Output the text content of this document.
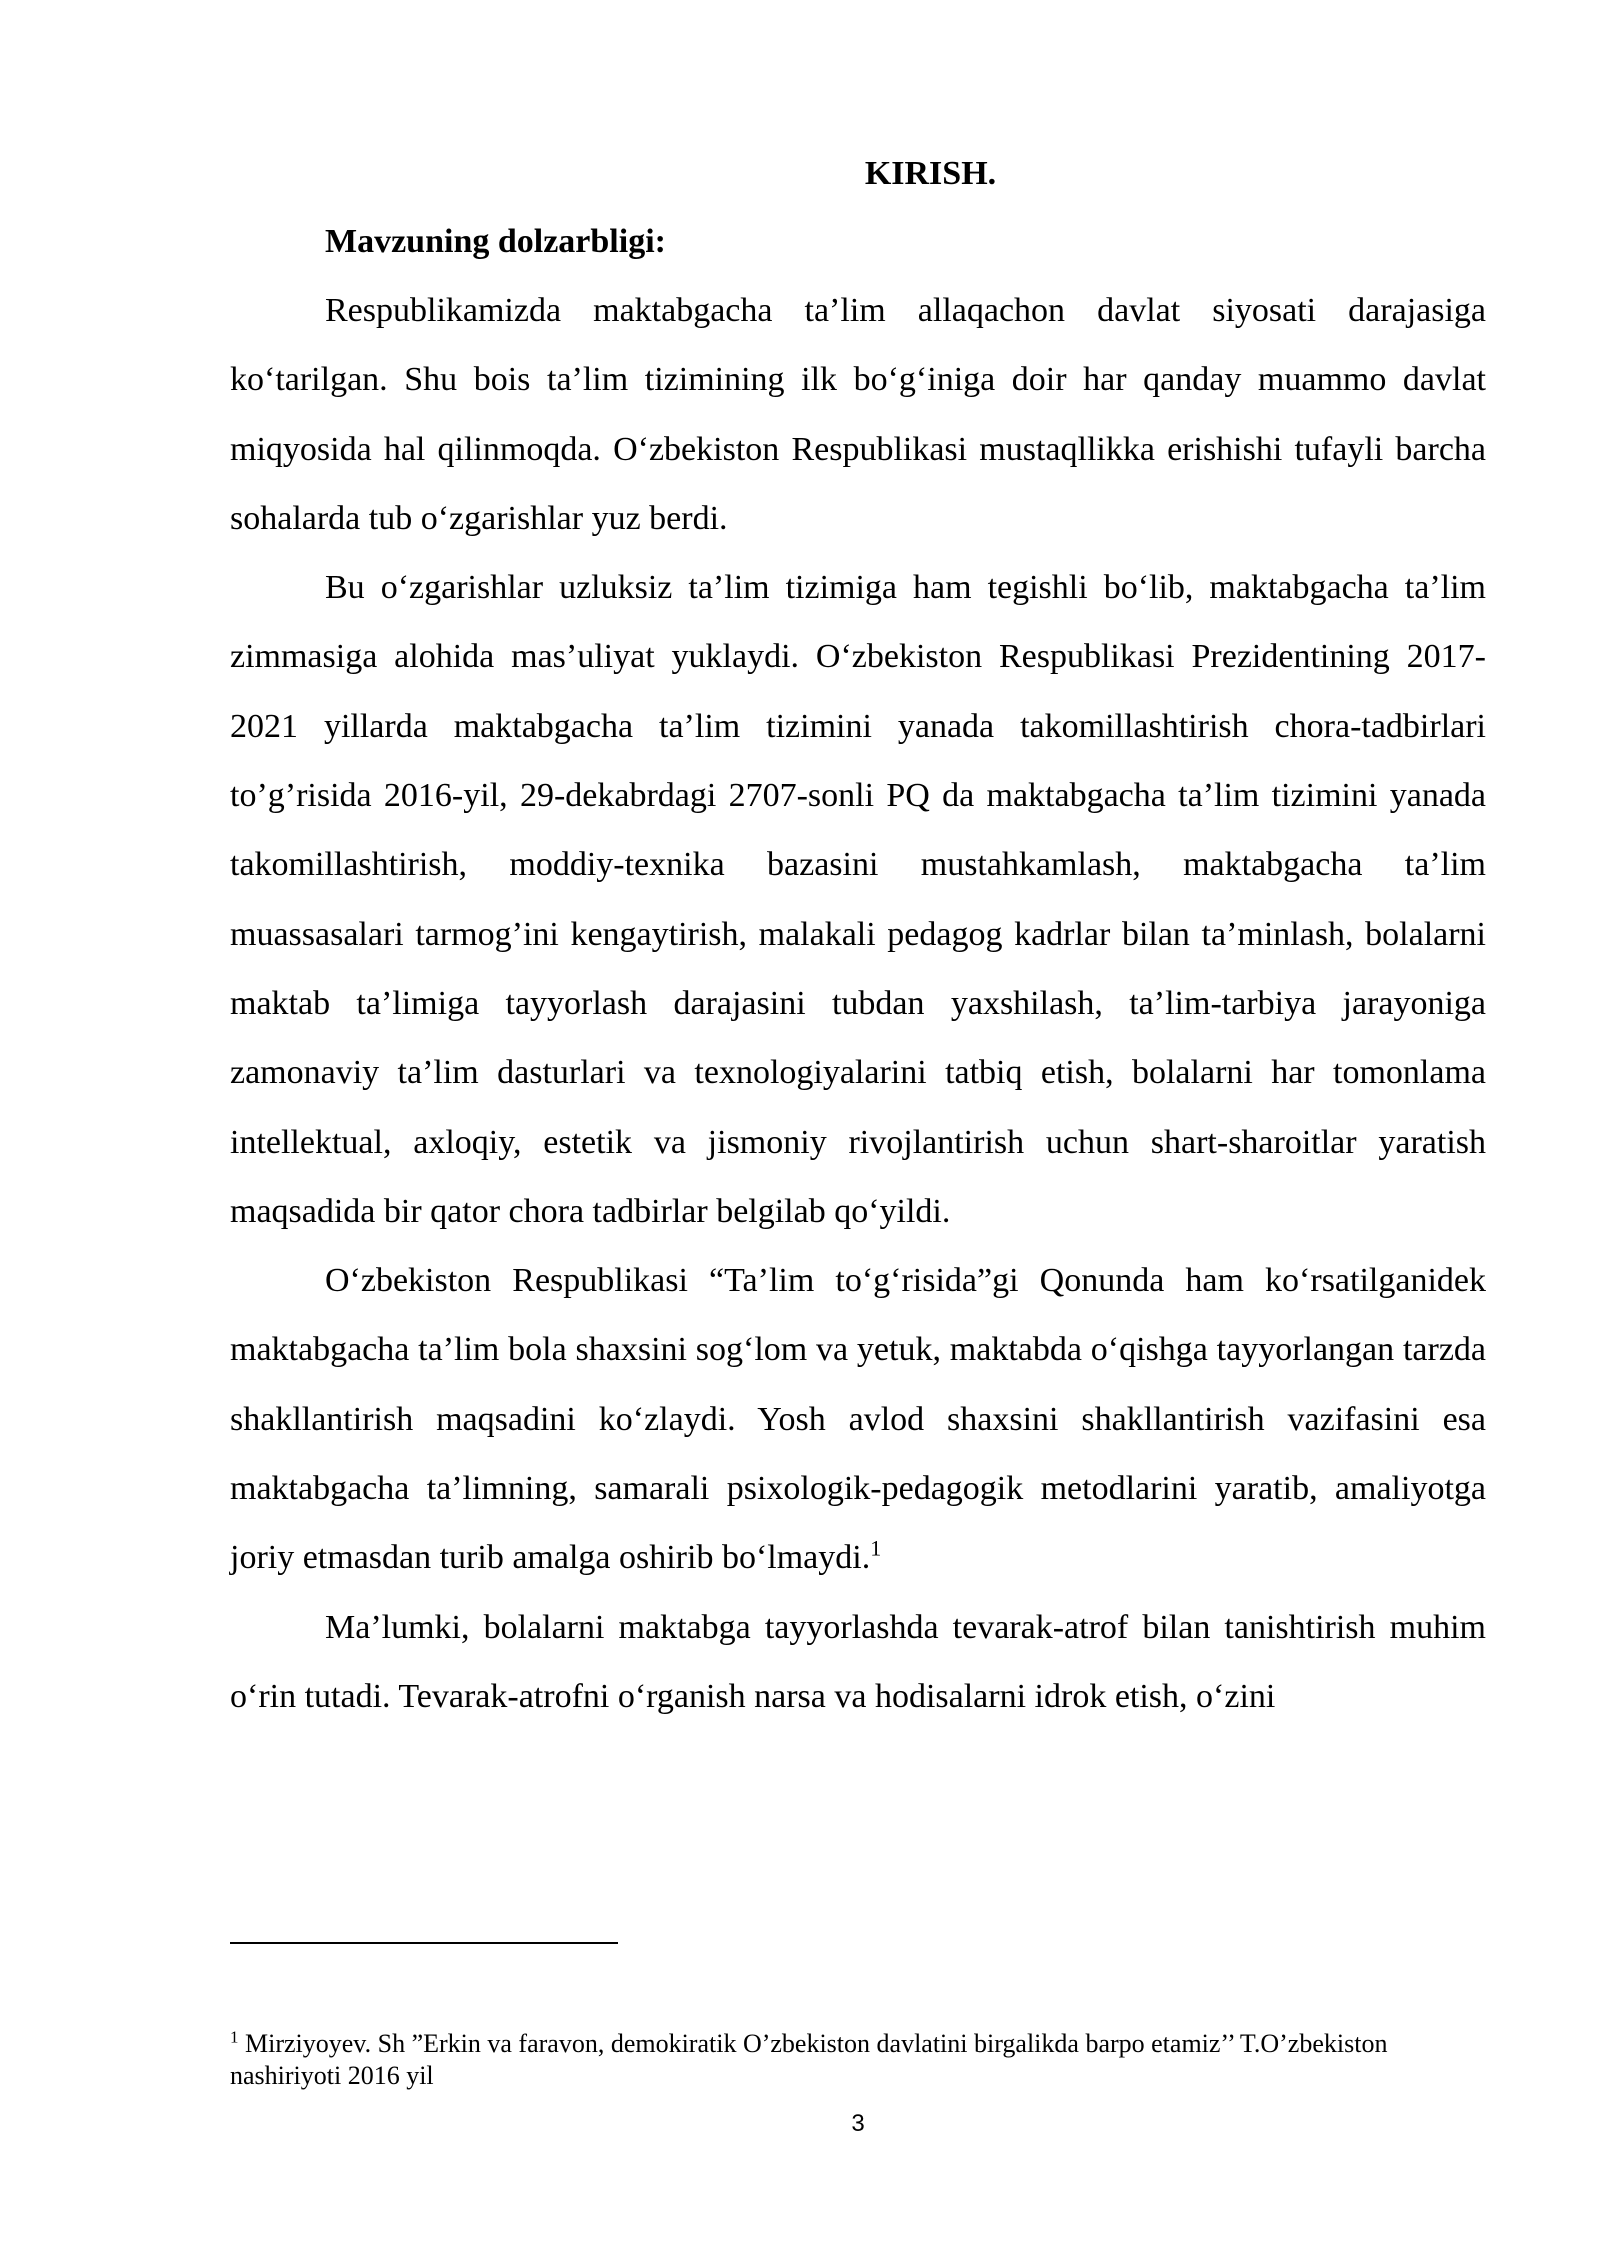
KIRISH.

Mavzuning dolzarbligi:

Respublikamizda maktabgacha ta’lim allaqachon davlat siyosati darajasiga ko‘tarilgan. Shu bois ta’lim tizimining ilk bo‘g‘iniga doir har qanday muammo davlat miqyosida hal qilinmoqda. O‘zbekiston Respublikasi mustaqllikka erishishi tufayli barcha sohalarda tub o‘zgarishlar yuz berdi.

Bu o‘zgarishlar uzluksiz ta’lim tizimiga ham tegishli bo‘lib, maktabgacha ta’lim zimmasiga alohida mas’uliyat yuklaydi. O‘zbekiston Respublikasi Prezidentining 2017-2021 yillarda maktabgacha ta’lim tizimini yanada takomillashtirish chora-tadbirlari to’g’risida 2016-yil, 29-dekabrdagi 2707-sonli PQ da maktabgacha ta’lim tizimini yanada takomillashtirish, moddiy-texnika bazasini mustahkamlash, maktabgacha ta’lim muassasalari tarmog’ini kengaytirish, malakali pedagog kadrlar bilan ta’minlash, bolalarni maktab ta’limiga tayyorlash darajasini tubdan yaxshilash, ta’lim-tarbiya jarayoniga zamonaviy ta’lim dasturlari va texnologiyalarini tatbiq etish, bolalarni har tomonlama intellektual, axloqiy, estetik va jismoniy rivojlantirish uchun shart-sharoitlar yaratish maqsadida bir qator chora tadbirlar belgilab qo‘yildi.

O‘zbekiston Respublikasi “Ta’lim to‘g‘risida”gi Qonunda ham ko‘rsatilganidek maktabgacha ta’lim bola shaxsini sog‘lom va yetuk, maktabda o‘qishga tayyorlangan tarzda shakllantirish maqsadini ko‘zlaydi. Yosh avlod shaxsini shakllantirish vazifasini esa maktabgacha ta’limning, samarali psixologik-pedagogik metodlarini yaratib, amaliyotga joriy etmasdan turib amalga oshirib bo‘lmaydi.$^1$

Ma’lumki, bolalarni maktabga tayyorlashda tevarak-atrof bilan tanishtirish muhim o‘rin tutadi. Tevarak-atrofni o‘rganish narsa va hodisalarni idrok etish, o‘zini

$^1$ Mirziyoyev. Sh ”Erkin va faravon, demokiratik O’zbekiston davlatini birgalikda barpo etamiz’’ T.O’zbekiston nashiriyoti 2016 yil

3
